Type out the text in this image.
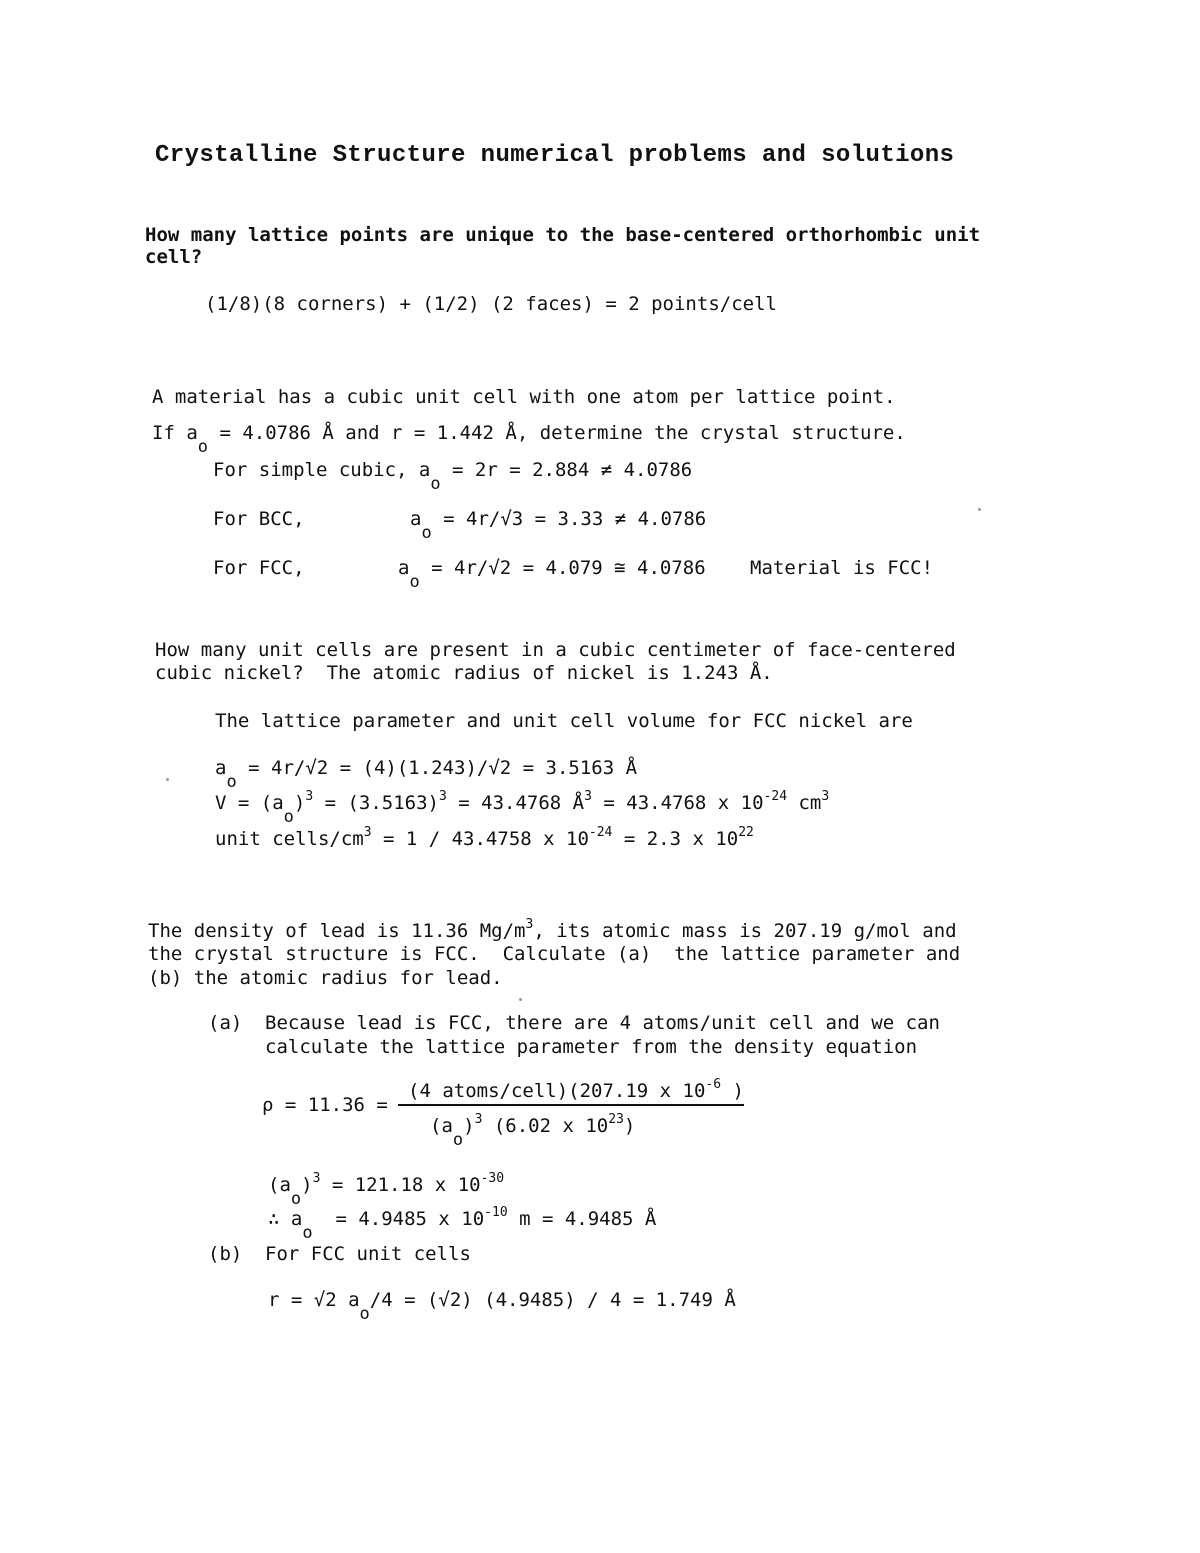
Crystalline Structure numerical problems and solutions
How many lattice points are unique to the base-centered orthorhombic unit
cell?
(1/8)(8 corners) + (1/2) (2 faces) = 2 points/cell
A material has a cubic unit cell with one atom per lattice point.
If ao = 4.0786 Å and r = 1.442 Å, determine the crystal structure.
For simple cubic, ao = 2r = 2.884 ≠ 4.0786
For BCC,	ao = 4r/√3 = 3.33 ≠ 4.0786
For FCC,	ao = 4r/√2 = 4.079 ≅ 4.0786 Material is FCC!
How many unit cells are present in a cubic centimeter of face-centered
cubic nickel?  The atomic radius of nickel is 1.243 Å.
The lattice parameter and unit cell volume for FCC nickel are
ao = 4r/√2 = (4)(1.243)/√2 = 3.5163 Å
$V = (ao)^3 = (3.5163)^3 = 43.4768$ $Å^3 = 43.4768$ x $10^{-24}$ $cm^3$
unit cells/$cm^3 = 1 / 43.4758$ x $10^{-24} = 2.3$ x $10^{22}$
The density of lead is 11.36 $Mg/m^3$, its atomic mass is 207.19 g/mol and
the crystal structure is FCC.  Calculate (a)  the lattice parameter and
(b) the atomic radius for lead.
(a) Because lead is FCC, there are 4 atoms/unit cell and we can
calculate the lattice parameter from the density equation
ρ = 11.36 =
(4 atoms/cell)(207.19 x $10^{-6}$ )
(ao)$^3$ (6.02 x $10^{23}$)
(ao)$^3$ = 121.18 x $10^{-30}$
∴ ao  = 4.9485 x $10^{-10}$ m = 4.9485 Å
(b) For FCC unit cells
r = √2 ao/4 = (√2) (4.9485) / 4 = 1.749 Å
